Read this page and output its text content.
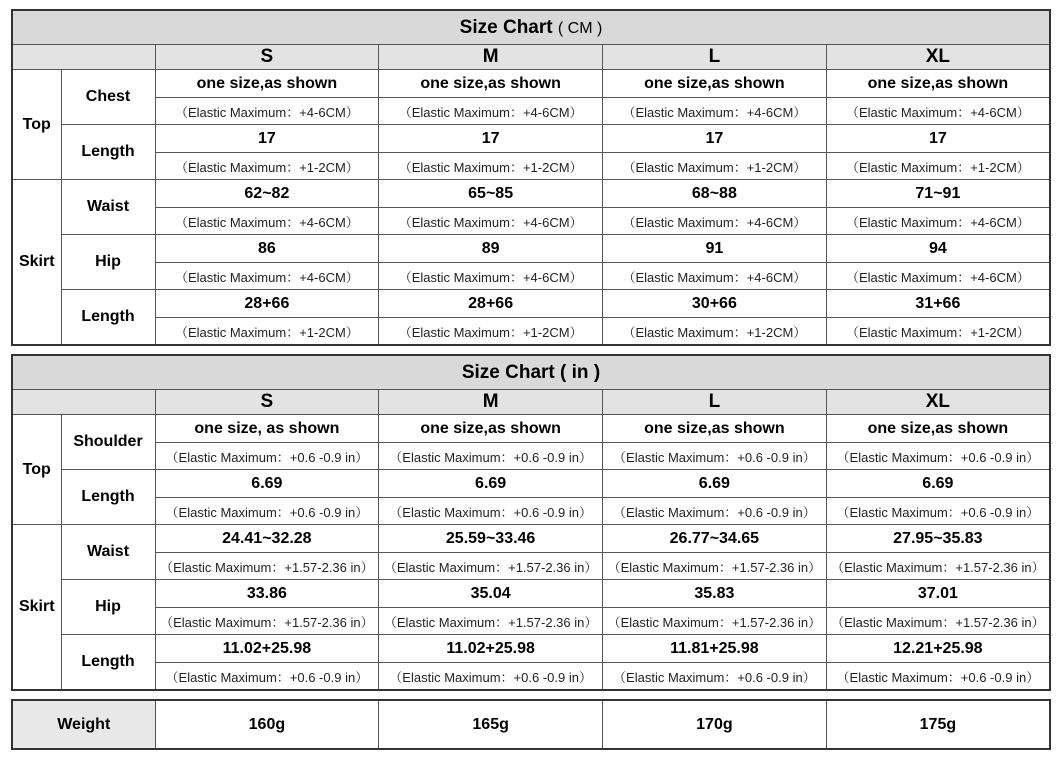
Size Chart ( CM )					
		S	M	L	XL
Top	Chest	one size,as shown	one size,as shown	one size,as shown	one size,as shown
		（Elastic Maximum：+4-6CM）	（Elastic Maximum：+4-6CM）	（Elastic Maximum：+4-6CM）	（Elastic Maximum：+4-6CM）
	Length	17	17	17	17
		（Elastic Maximum：+1-2CM）	（Elastic Maximum：+1-2CM）	（Elastic Maximum：+1-2CM）	（Elastic Maximum：+1-2CM）
Skirt	Waist	62~82	65~85	68~88	71~91
		（Elastic Maximum：+4-6CM）	（Elastic Maximum：+4-6CM）	（Elastic Maximum：+4-6CM）	（Elastic Maximum：+4-6CM）
	Hip	86	89	91	94
		（Elastic Maximum：+4-6CM）	（Elastic Maximum：+4-6CM）	（Elastic Maximum：+4-6CM）	（Elastic Maximum：+4-6CM）
	Length	28+66	28+66	30+66	31+66
		（Elastic Maximum：+1-2CM）	（Elastic Maximum：+1-2CM）	（Elastic Maximum：+1-2CM）	（Elastic Maximum：+1-2CM）
Size Chart ( in )					
		S	M	L	XL
Top	Shoulder	one size, as shown	one size,as shown	one size,as shown	one size,as shown
		（Elastic Maximum：+0.6 -0.9 in）	（Elastic Maximum：+0.6 -0.9 in）	（Elastic Maximum：+0.6 -0.9 in）	（Elastic Maximum：+0.6 -0.9 in）
	Length	6.69	6.69	6.69	6.69
		（Elastic Maximum：+0.6 -0.9 in）	（Elastic Maximum：+0.6 -0.9 in）	（Elastic Maximum：+0.6 -0.9 in）	（Elastic Maximum：+0.6 -0.9 in）
Skirt	Waist	24.41~32.28	25.59~33.46	26.77~34.65	27.95~35.83
		（Elastic Maximum：+1.57-2.36 in）	（Elastic Maximum：+1.57-2.36 in）	（Elastic Maximum：+1.57-2.36 in）	（Elastic Maximum：+1.57-2.36 in）
	Hip	33.86	35.04	35.83	37.01
		（Elastic Maximum：+1.57-2.36 in）	（Elastic Maximum：+1.57-2.36 in）	（Elastic Maximum：+1.57-2.36 in）	（Elastic Maximum：+1.57-2.36 in）
	Length	11.02+25.98	11.02+25.98	11.81+25.98	12.21+25.98
		（Elastic Maximum：+0.6 -0.9 in）	（Elastic Maximum：+0.6 -0.9 in）	（Elastic Maximum：+0.6 -0.9 in）	（Elastic Maximum：+0.6 -0.9 in）
Weight	160g	165g	170g	175g
